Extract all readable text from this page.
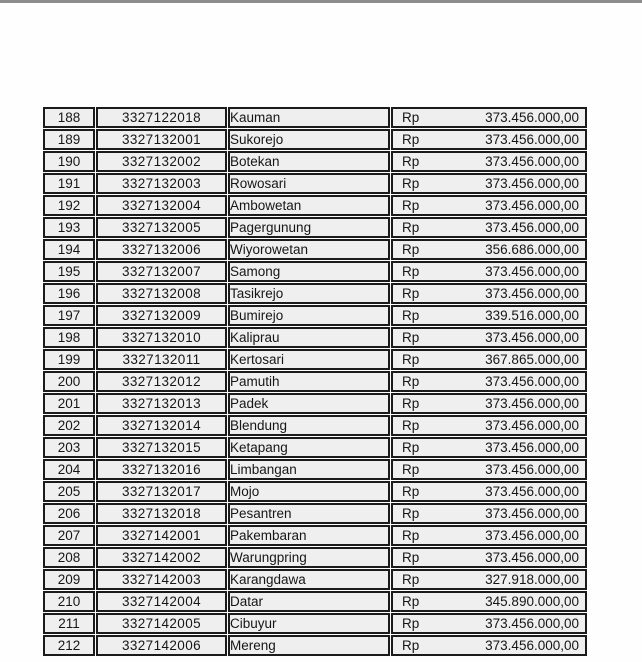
188	3327122018	Kauman	Rp 373.456.000,00

189	3327132001	Sukorejo	Rp 373.456.000,00

190	3327132002	Botekan	Rp 373.456.000,00

191	3327132003	Rowosari	Rp 373.456.000,00

192	3327132004	Ambowetan	Rp 373.456.000,00

193	3327132005	Pagergunung	Rp 373.456.000,00

194	3327132006	Wiyorowetan	Rp 356.686.000,00

195	3327132007	Samong	Rp 373.456.000,00

196	3327132008	Tasikrejo	Rp 373.456.000,00

197	3327132009	Bumirejo	Rp 339.516.000,00

198	3327132010	Kaliprau	Rp 373.456.000,00

199	3327132011	Kertosari	Rp 367.865.000,00

200	3327132012	Pamutih	Rp 373.456.000,00

201	3327132013	Padek	Rp 373.456.000,00

202	3327132014	Blendung	Rp 373.456.000,00

203	3327132015	Ketapang	Rp 373.456.000,00

204	3327132016	Limbangan	Rp 373.456.000,00

205	3327132017	Mojo	Rp 373.456.000,00

206	3327132018	Pesantren	Rp 373.456.000,00

207	3327142001	Pakembaran	Rp 373.456.000,00

208	3327142002	Warungpring	Rp 373.456.000,00

209	3327142003	Karangdawa	Rp 327.918.000,00

210	3327142004	Datar	Rp 345.890.000,00

211	3327142005	Cibuyur	Rp 373.456.000,00

212	3327142006	Mereng	Rp 373.456.000,00
